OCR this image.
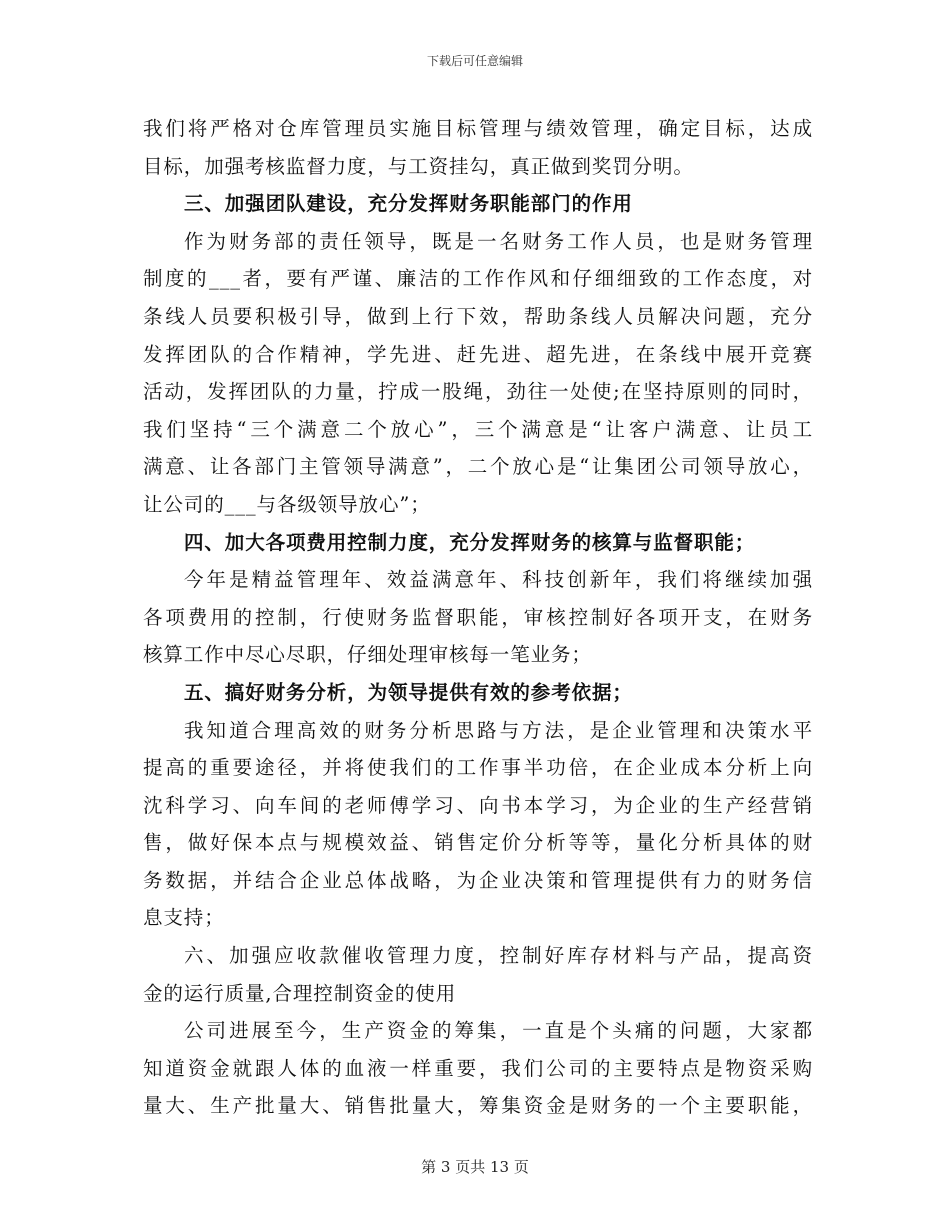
下载后可任意编辑
我们将严格对仓库管理员实施目标管理与绩效管理，确定目标，达成
目标，加强考核监督力度，与工资挂勾，真正做到奖罚分明。
三、加强团队建设，充分发挥财务职能部门的作用
作为财务部的责任领导，既是一名财务工作人员，也是财务管理
制度的___者，要有严谨、廉洁的工作作风和仔细细致的工作态度，对
条线人员要积极引导，做到上行下效，帮助条线人员解决问题，充分
发挥团队的合作精神，学先进、赶先进、超先进，在条线中展开竞赛
活动，发挥团队的力量，拧成一股绳，劲往一处使;在坚持原则的同时，
我们坚持“三个满意二个放心”，三个满意是“让客户满意、让员工
满意、让各部门主管领导满意”，二个放心是“让集团公司领导放心，
让公司的___与各级领导放心”；
四、加大各项费用控制力度，充分发挥财务的核算与监督职能；
今年是精益管理年、效益满意年、科技创新年，我们将继续加强
各项费用的控制，行使财务监督职能，审核控制好各项开支，在财务
核算工作中尽心尽职，仔细处理审核每一笔业务；
五、搞好财务分析，为领导提供有效的参考依据；
我知道合理高效的财务分析思路与方法，是企业管理和决策水平
提高的重要途径，并将使我们的工作事半功倍，在企业成本分析上向
沈科学习、向车间的老师傅学习、向书本学习，为企业的生产经营销
售，做好保本点与规模效益、销售定价分析等等，量化分析具体的财
务数据，并结合企业总体战略，为企业决策和管理提供有力的财务信
息支持；
六、加强应收款催收管理力度，控制好库存材料与产品，提高资
金的运行质量,合理控制资金的使用
公司进展至今，生产资金的筹集，一直是个头痛的问题，大家都
知道资金就跟人体的血液一样重要，我们公司的主要特点是物资采购
量大、生产批量大、销售批量大，筹集资金是财务的一个主要职能，
第 3 页共 13 页
